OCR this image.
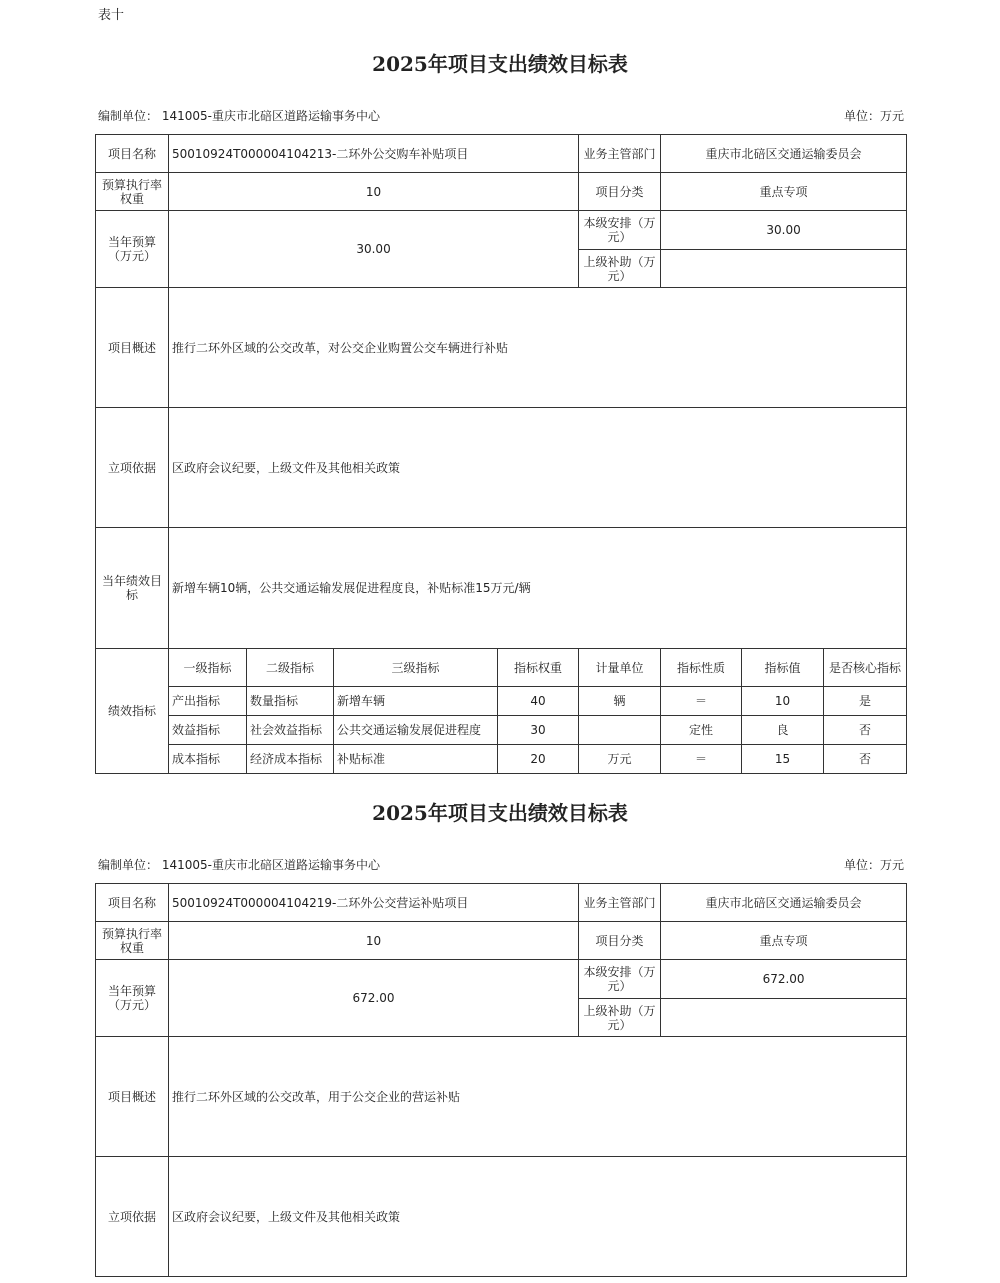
表十
2025年项目支出绩效目标表
编制单位： 141005-重庆市北碚区道路运输事务中心	单位：万元
项目名称	50010924T000004104213-二环外公交购车补贴项目				业务主管部门	重庆市北碚区交通运输委员会		
预算执行率权重	10				项目分类	重点专项		
当年预算（万元）	30.00				本级安排（万元）	30.00		
					上级补助（万元）			
项目概述	推行二环外区域的公交改革，对公交企业购置公交车辆进行补贴							
立项依据	区政府会议纪要，上级文件及其他相关政策							
当年绩效目标	新增车辆10辆，公共交通运输发展促进程度良，补贴标准15万元/辆							
绩效指标	一级指标	二级指标	三级指标	指标权重	计量单位	指标性质	指标值	是否核心指标
	产出指标	数量指标	新增车辆	40	辆	＝	10	是
	效益指标	社会效益指标	公共交通运输发展促进程度	30		定性	良	否
	成本指标	经济成本指标	补贴标准	20	万元	＝	15	否
2025年项目支出绩效目标表
编制单位： 141005-重庆市北碚区道路运输事务中心	单位：万元
项目名称	50010924T000004104219-二环外公交营运补贴项目	业务主管部门	重庆市北碚区交通运输委员会
预算执行率权重	10	项目分类	重点专项
当年预算（万元）	672.00	本级安排（万元）	672.00
		上级补助（万元）	
项目概述	推行二环外区域的公交改革，用于公交企业的营运补贴		
立项依据	区政府会议纪要，上级文件及其他相关政策		
